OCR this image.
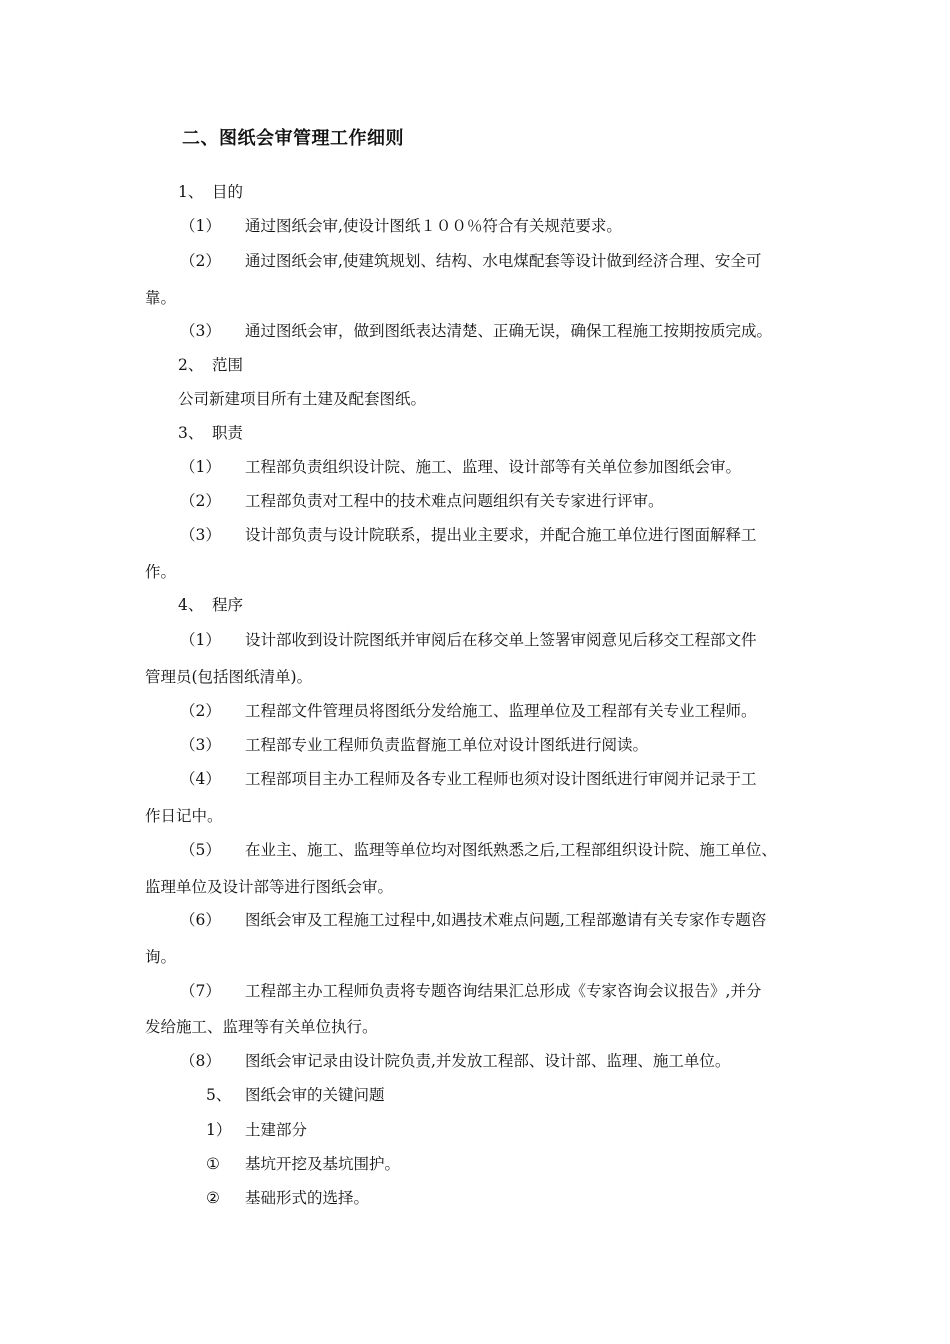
二、图纸会审管理工作细则
1、 目的
（1） 通过图纸会审,使设计图纸１００％符合有关规范要求。
（2） 通过图纸会审,使建筑规划、结构、水电煤配套等设计做到经济合理、安全可
靠。
（3） 通过图纸会审，做到图纸表达清楚、正确无误，确保工程施工按期按质完成。
2、 范围
公司新建项目所有土建及配套图纸。
3、 职责
（1） 工程部负责组织设计院、施工、监理、设计部等有关单位参加图纸会审。
（2） 工程部负责对工程中的技术难点问题组织有关专家进行评审。
（3） 设计部负责与设计院联系，提出业主要求，并配合施工单位进行图面解释工
作。
4、 程序
（1） 设计部收到设计院图纸并审阅后在移交单上签署审阅意见后移交工程部文件
管理员(包括图纸清单)。
（2） 工程部文件管理员将图纸分发给施工、监理单位及工程部有关专业工程师。
（3） 工程部专业工程师负责监督施工单位对设计图纸进行阅读。
（4） 工程部项目主办工程师及各专业工程师也须对设计图纸进行审阅并记录于工
作日记中。
（5） 在业主、施工、监理等单位均对图纸熟悉之后,工程部组织设计院、施工单位、
监理单位及设计部等进行图纸会审。
（6） 图纸会审及工程施工过程中,如遇技术难点问题,工程部邀请有关专家作专题咨
询。
（7） 工程部主办工程师负责将专题咨询结果汇总形成《专家咨询会议报告》,并分
发给施工、监理等有关单位执行。
（8） 图纸会审记录由设计院负责,并发放工程部、设计部、监理、施工单位。
5、 图纸会审的关键问题
1） 土建部分
① 基坑开挖及基坑围护。
② 基础形式的选择。
